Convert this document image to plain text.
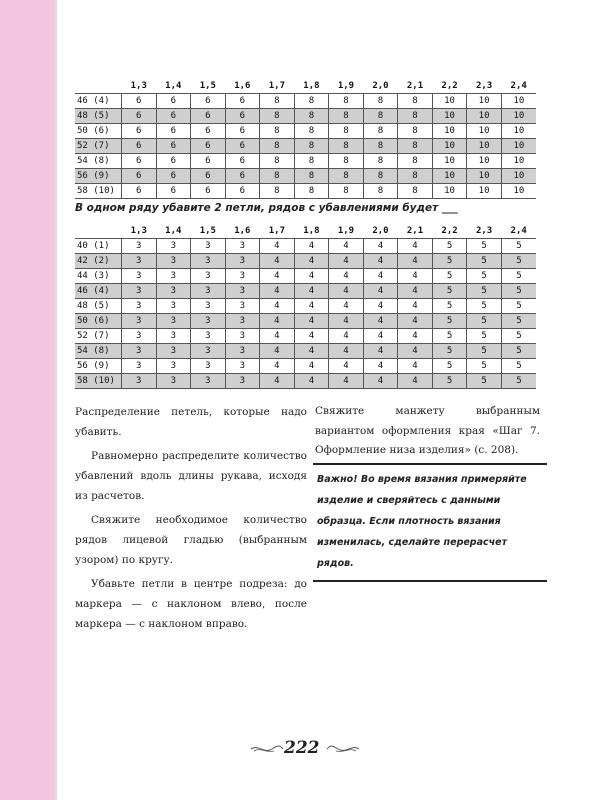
	1,3	1,4	1,5	1,6	1,7	1,8	1,9	2,0	2,1	2,2	2,3	2,4
46 (4)	6	6	6	6	8	8	8	8	8	10	10	10
48 (5)	6	6	6	6	8	8	8	8	8	10	10	10
50 (6)	6	6	6	6	8	8	8	8	8	10	10	10
52 (7)	6	6	6	6	8	8	8	8	8	10	10	10
54 (8)	6	6	6	6	8	8	8	8	8	10	10	10
56 (9)	6	6	6	6	8	8	8	8	8	10	10	10
58 (10)	6	6	6	6	8	8	8	8	8	10	10	10
В одном ряду убавите 2 петли, рядов с убавлениями будет ___
	1,3	1,4	1,5	1,6	1,7	1,8	1,9	2,0	2,1	2,2	2,3	2,4
40 (1)	3	3	3	3	4	4	4	4	4	5	5	5
42 (2)	3	3	3	3	4	4	4	4	4	5	5	5
44 (3)	3	3	3	3	4	4	4	4	4	5	5	5
46 (4)	3	3	3	3	4	4	4	4	4	5	5	5
48 (5)	3	3	3	3	4	4	4	4	4	5	5	5
50 (6)	3	3	3	3	4	4	4	4	4	5	5	5
52 (7)	3	3	3	3	4	4	4	4	4	5	5	5
54 (8)	3	3	3	3	4	4	4	4	4	5	5	5
56 (9)	3	3	3	3	4	4	4	4	4	5	5	5
58 (10)	3	3	3	3	4	4	4	4	4	5	5	5

Распределение петель, которые надо убавить.

Равномерно распределите количество убавлений вдоль длины рукава, исходя из расчетов.

Свяжите необходимое количество рядов лицевой гладью (выбранным узором) по кругу.

Убавьте петли в центре подреза: до маркера — с наклоном влево, после маркера — с наклоном вправо.

Свяжите манжету выбранным вариантом оформления края «Шаг 7. Оформление низа изделия» (с. 208).

Важно! Во время вязания примеряйте изделие и сверяйтесь с данными образца. Если плотность вязания изменилась, сделайте перерасчет рядов.
222
